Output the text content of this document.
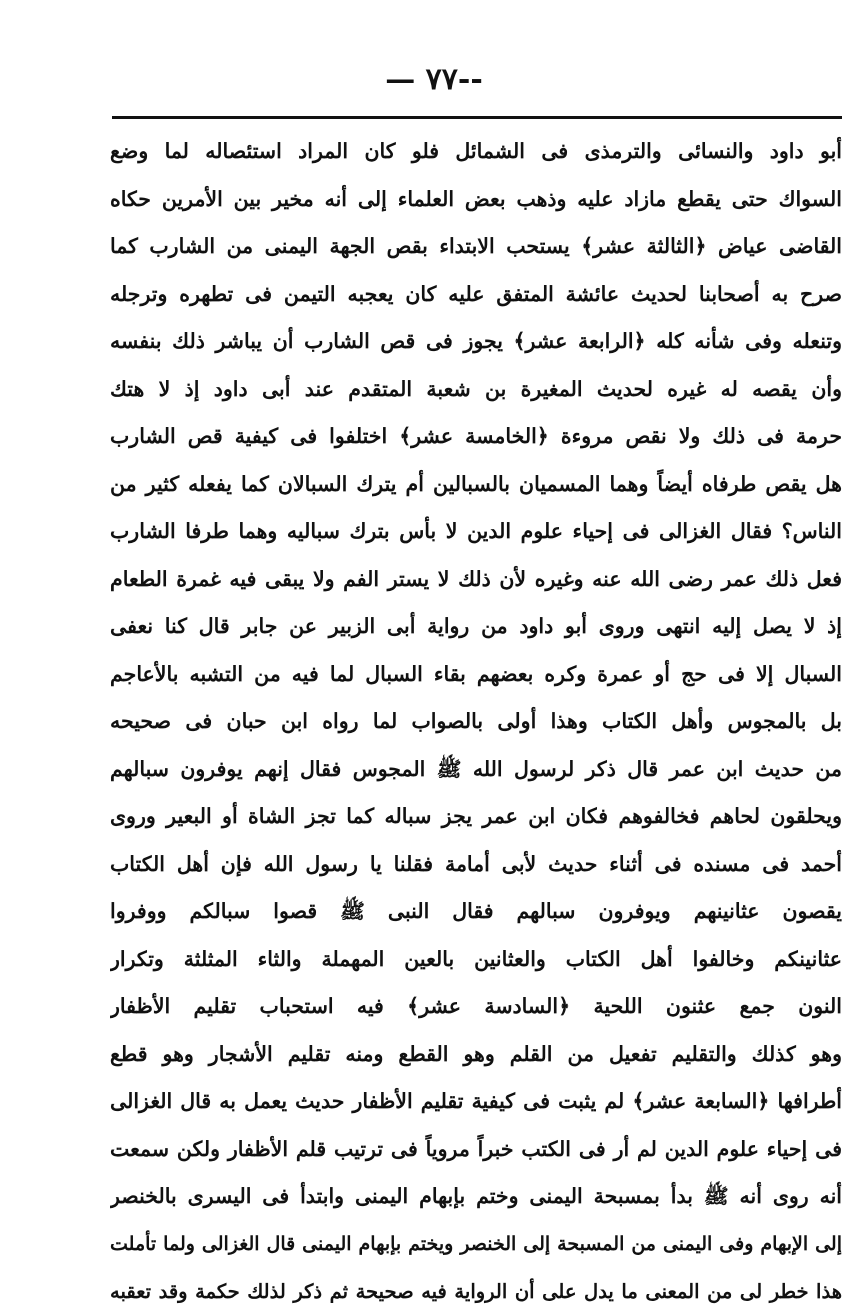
— ٧٧--
أبو داود والنسائى والترمذى فى الشمائل فلو كان المراد استئصاله لما وضع
السواك حتى يقطع مازاد عليه وذهب بعض العلماء إلى أنه مخير بين الأمرين حكاه
القاضى عياض ﴿الثالثة عشر﴾ يستحب الابتداء بقص الجهة اليمنى من الشارب كما
صرح به أصحابنا لحديث عائشة المتفق عليه كان يعجبه التيمن فى تطهره وترجله
وتنعله وفى شأنه كله ﴿الرابعة عشر﴾ يجوز فى قص الشارب أن يباشر ذلك بنفسه
وأن يقصه له غيره لحديث المغيرة بن شعبة المتقدم عند أبى داود إذ لا هتك
حرمة فى ذلك ولا نقص مروءة ﴿الخامسة عشر﴾ اختلفوا فى كيفية قص الشارب
هل يقص طرفاه أيضاً وهما المسميان بالسبالين أم يترك السبالان كما يفعله كثير من
الناس؟ فقال الغزالى فى إحياء علوم الدين لا بأس بترك سباليه وهما طرفا الشارب
فعل ذلك عمر رضى الله عنه وغيره لأن ذلك لا يستر الفم ولا يبقى فيه غمرة الطعام
إذ لا يصل إليه انتهى وروى أبو داود من رواية أبى الزبير عن جابر قال كنا نعفى
السبال إلا فى حج أو عمرة وكره بعضهم بقاء السبال لما فيه من التشبه بالأعاجم
بل بالمجوس وأهل الكتاب وهذا أولى بالصواب لما رواه ابن حبان فى صحيحه
من حديث ابن عمر قال ذكر لرسول الله ﷺ المجوس فقال إنهم يوفرون سبالهم
ويحلقون لحاهم فخالفوهم فكان ابن عمر يجز سباله كما تجز الشاة أو البعير وروى
أحمد فى مسنده فى أثناء حديث لأبى أمامة فقلنا يا رسول الله فإن أهل الكتاب
يقصون عثانينهم ويوفرون سبالهم فقال النبى ﷺ قصوا سبالكم ووفروا
عثانينكم وخالفوا أهل الكتاب والعثانين بالعين المهملة والثاء المثلثة وتكرار
النون جمع عثنون اللحية ﴿السادسة عشر﴾ فيه استحباب تقليم الأظفار
وهو كذلك والتقليم تفعيل من القلم وهو القطع ومنه تقليم الأشجار وهو قطع
أطرافها ﴿السابعة عشر﴾ لم يثبت فى كيفية تقليم الأظفار حديث يعمل به قال الغزالى
فى إحياء علوم الدين لم أر فى الكتب خبراً مروياً فى ترتيب قلم الأظفار ولكن سمعت
أنه روى أنه ﷺ بدأ بمسبحة اليمنى وختم بإبهام اليمنى وابتدأ فى اليسرى بالخنصر
إلى الإبهام وفى اليمنى من المسبحة إلى الخنصر ويختم بإبهام اليمنى قال الغزالى ولما تأملت
هذا خطر لى من المعنى ما يدل على أن الرواية فيه صحيحة ثم ذكر لذلك حكمة وقد تعقبه
